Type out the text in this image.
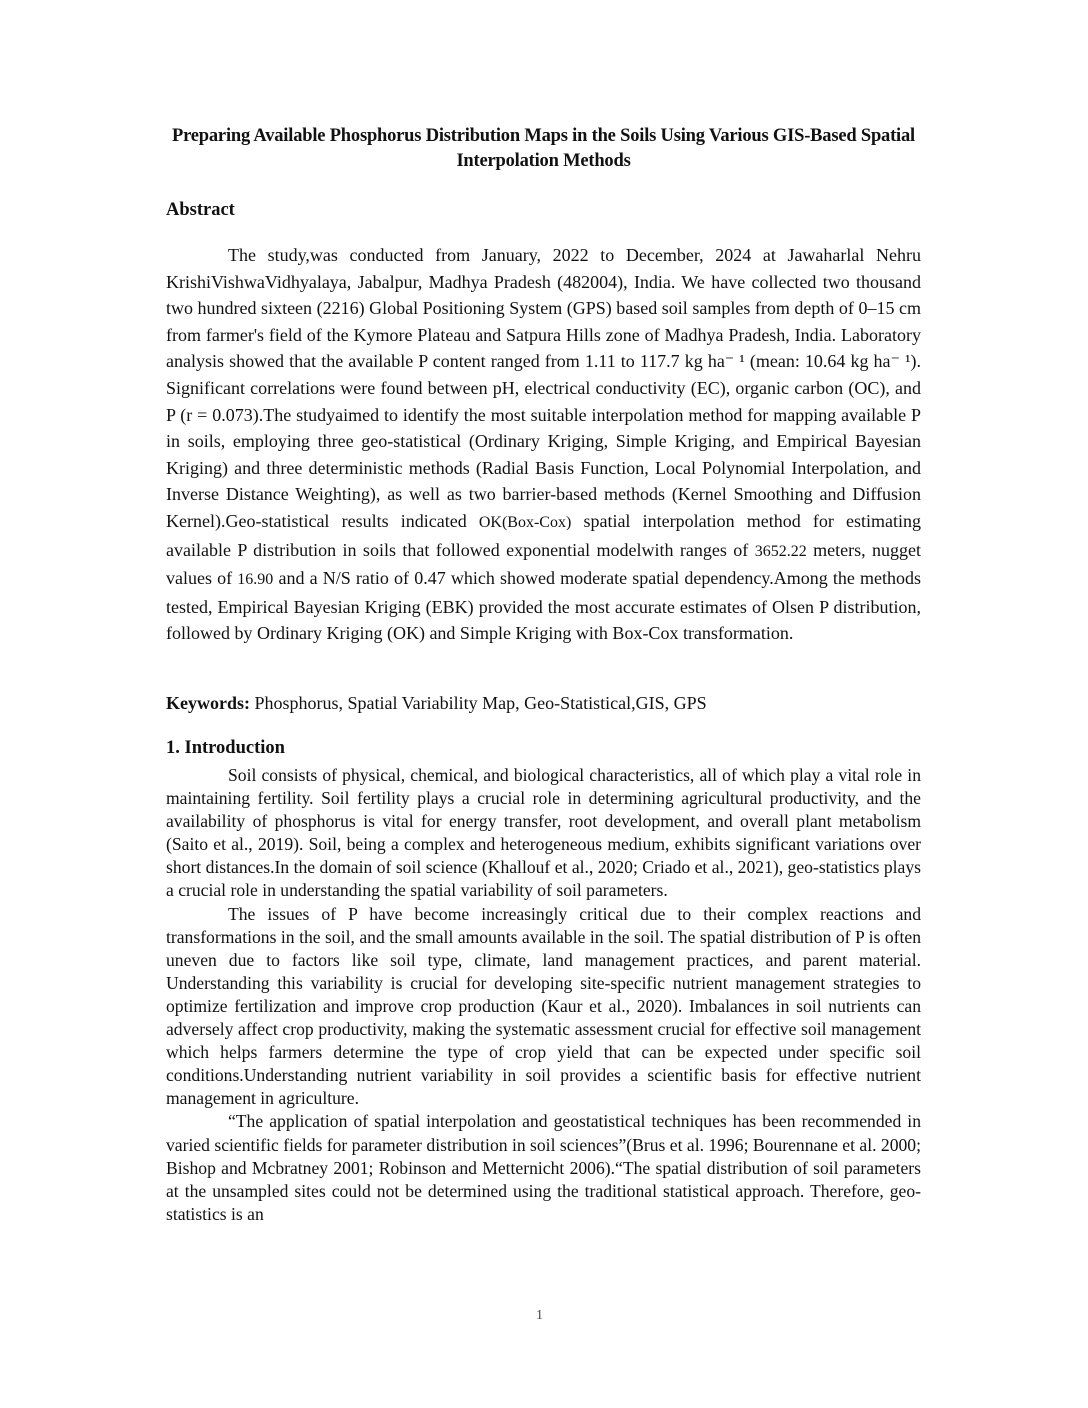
Preparing Available Phosphorus Distribution Maps in the Soils Using Various GIS-Based Spatial Interpolation Methods
Abstract

The study,was conducted from January, 2022 to December, 2024 at Jawaharlal Nehru KrishiVishwaVidhyalaya, Jabalpur, Madhya Pradesh (482004), India. We have collected two thousand two hundred sixteen (2216) Global Positioning System (GPS) based soil samples from depth of 0–15 cm from farmer's field of the Kymore Plateau and Satpura Hills zone of Madhya Pradesh, India. Laboratory analysis showed that the available P content ranged from 1.11 to 117.7 kg ha⁻ ¹ (mean: 10.64 kg ha⁻ ¹). Significant correlations were found between pH, electrical conductivity (EC), organic carbon (OC), and P (r = 0.073).The studyaimed to identify the most suitable interpolation method for mapping available P in soils, employing three geo-statistical (Ordinary Kriging, Simple Kriging, and Empirical Bayesian Kriging) and three deterministic methods (Radial Basis Function, Local Polynomial Interpolation, and Inverse Distance Weighting), as well as two barrier-based methods (Kernel Smoothing and Diffusion Kernel).Geo-statistical results indicated OK(Box-Cox) spatial interpolation method for estimating available P distribution in soils that followed exponential modelwith ranges of 3652.22 meters, nugget values of 16.90 and a N/S ratio of 0.47 which showed moderate spatial dependency.Among the methods tested, Empirical Bayesian Kriging (EBK) provided the most accurate estimates of Olsen P distribution, followed by Ordinary Kriging (OK) and Simple Kriging with Box-Cox transformation.

Keywords: Phosphorus, Spatial Variability Map, Geo-Statistical,GIS, GPS
1. Introduction

Soil consists of physical, chemical, and biological characteristics, all of which play a vital role in maintaining fertility. Soil fertility plays a crucial role in determining agricultural productivity, and the availability of phosphorus is vital for energy transfer, root development, and overall plant metabolism (Saito et al., 2019). Soil, being a complex and heterogeneous medium, exhibits significant variations over short distances.In the domain of soil science (Khallouf et al., 2020; Criado et al., 2021), geo-statistics plays a crucial role in understanding the spatial variability of soil parameters.

The issues of P have become increasingly critical due to their complex reactions and transformations in the soil, and the small amounts available in the soil. The spatial distribution of P is often uneven due to factors like soil type, climate, land management practices, and parent material. Understanding this variability is crucial for developing site-specific nutrient management strategies to optimize fertilization and improve crop production (Kaur et al., 2020). Imbalances in soil nutrients can adversely affect crop productivity, making the systematic assessment crucial for effective soil management which helps farmers determine the type of crop yield that can be expected under specific soil conditions.Understanding nutrient variability in soil provides a scientific basis for effective nutrient management in agriculture.

“The application of spatial interpolation and geostatistical techniques has been recommended in varied scientific fields for parameter distribution in soil sciences”(Brus et al. 1996; Bourennane et al. 2000; Bishop and Mcbratney 2001; Robinson and Metternicht 2006).“The spatial distribution of soil parameters at the unsampled sites could not be determined using the traditional statistical approach. Therefore, geo-statistics is an

1
